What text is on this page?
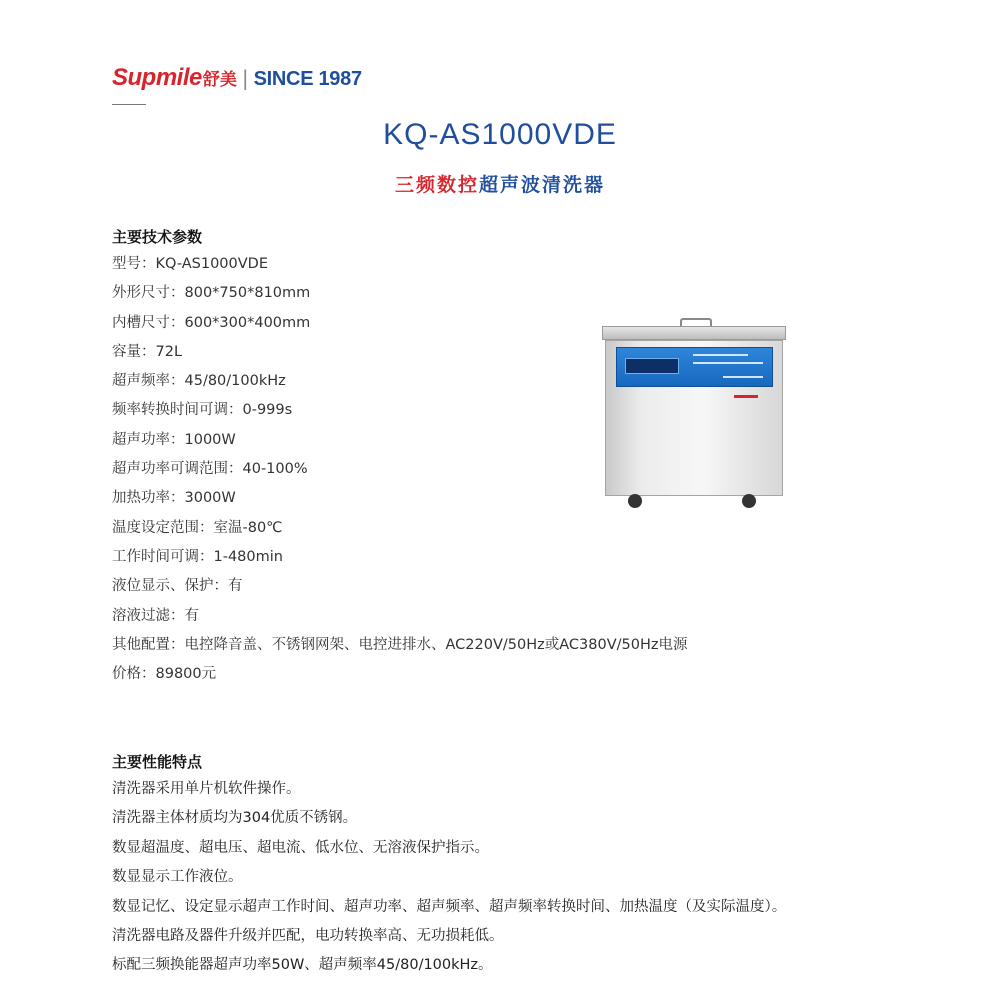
Supmile 舒美 | SINCE 1987
KQ-AS1000VDE
三频数控超声波清洗器
主要技术参数
型号：KQ-AS1000VDE
外形尺寸：800*750*810mm
内槽尺寸：600*300*400mm
容量：72L
超声频率：45/80/100kHz
频率转换时间可调：0-999s
超声功率：1000W
超声功率可调范围：40-100%
加热功率：3000W
温度设定范围：室温-80℃
工作时间可调：1-480min
液位显示、保护：有
溶液过滤：有
其他配置：电控降音盖、不锈钢网架、电控进排水、AC220V/50Hz或AC380V/50Hz电源
价格：89800元
主要性能特点
清洗器采用单片机软件操作。
清洗器主体材质均为304优质不锈钢。
数显超温度、超电压、超电流、低水位、无溶液保护指示。
数显显示工作液位。
数显记忆、设定显示超声工作时间、超声功率、超声频率、超声频率转换时间、加热温度（及实际温度）。
清洗器电路及器件升级并匹配，电功转换率高、无功损耗低。
标配三频换能器超声功率50W、超声频率45/80/100kHz。
